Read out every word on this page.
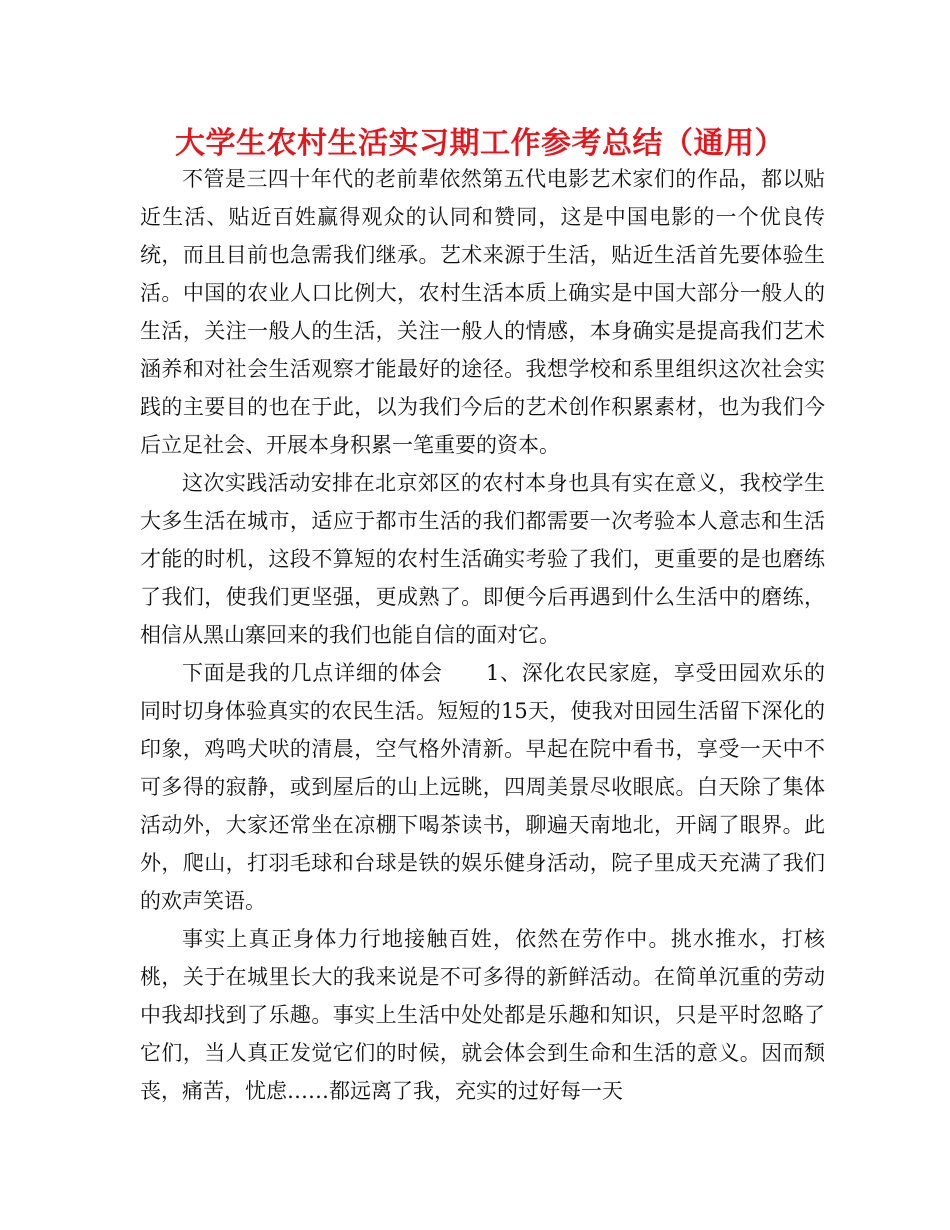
大学生农村生活实习期工作参考总结（通用）

不管是三四十年代的老前辈依然第五代电影艺术家们的作品，都以贴近生活、贴近百姓赢得观众的认同和赞同，这是中国电影的一个优良传统，而且目前也急需我们继承。艺术来源于生活，贴近生活首先要体验生活。中国的农业人口比例大，农村生活本质上确实是中国大部分一般人的生活，关注一般人的生活，关注一般人的情感，本身确实是提高我们艺术涵养和对社会生活观察才能最好的途径。我想学校和系里组织这次社会实践的主要目的也在于此，以为我们今后的艺术创作积累素材，也为我们今后立足社会、开展本身积累一笔重要的资本。

这次实践活动安排在北京郊区的农村本身也具有实在意义，我校学生大多生活在城市，适应于都市生活的我们都需要一次考验本人意志和生活才能的时机，这段不算短的农村生活确实考验了我们，更重要的是也磨练了我们，使我们更坚强，更成熟了。即便今后再遇到什么生活中的磨练，相信从黑山寨回来的我们也能自信的面对它。

下面是我的几点详细的体会　　1、深化农民家庭，享受田园欢乐的同时切身体验真实的农民生活。短短的15天，使我对田园生活留下深化的印象，鸡鸣犬吠的清晨，空气格外清新。早起在院中看书，享受一天中不可多得的寂静，或到屋后的山上远眺，四周美景尽收眼底。白天除了集体活动外，大家还常坐在凉棚下喝茶读书，聊遍天南地北，开阔了眼界。此外，爬山，打羽毛球和台球是铁的娱乐健身活动，院子里成天充满了我们的欢声笑语。

事实上真正身体力行地接触百姓，依然在劳作中。挑水推水，打核桃，关于在城里长大的我来说是不可多得的新鲜活动。在简单沉重的劳动中我却找到了乐趣。事实上生活中处处都是乐趣和知识，只是平时忽略了它们，当人真正发觉它们的时候，就会体会到生命和生活的意义。因而颓丧，痛苦，忧虑……都远离了我，充实的过好每一天
